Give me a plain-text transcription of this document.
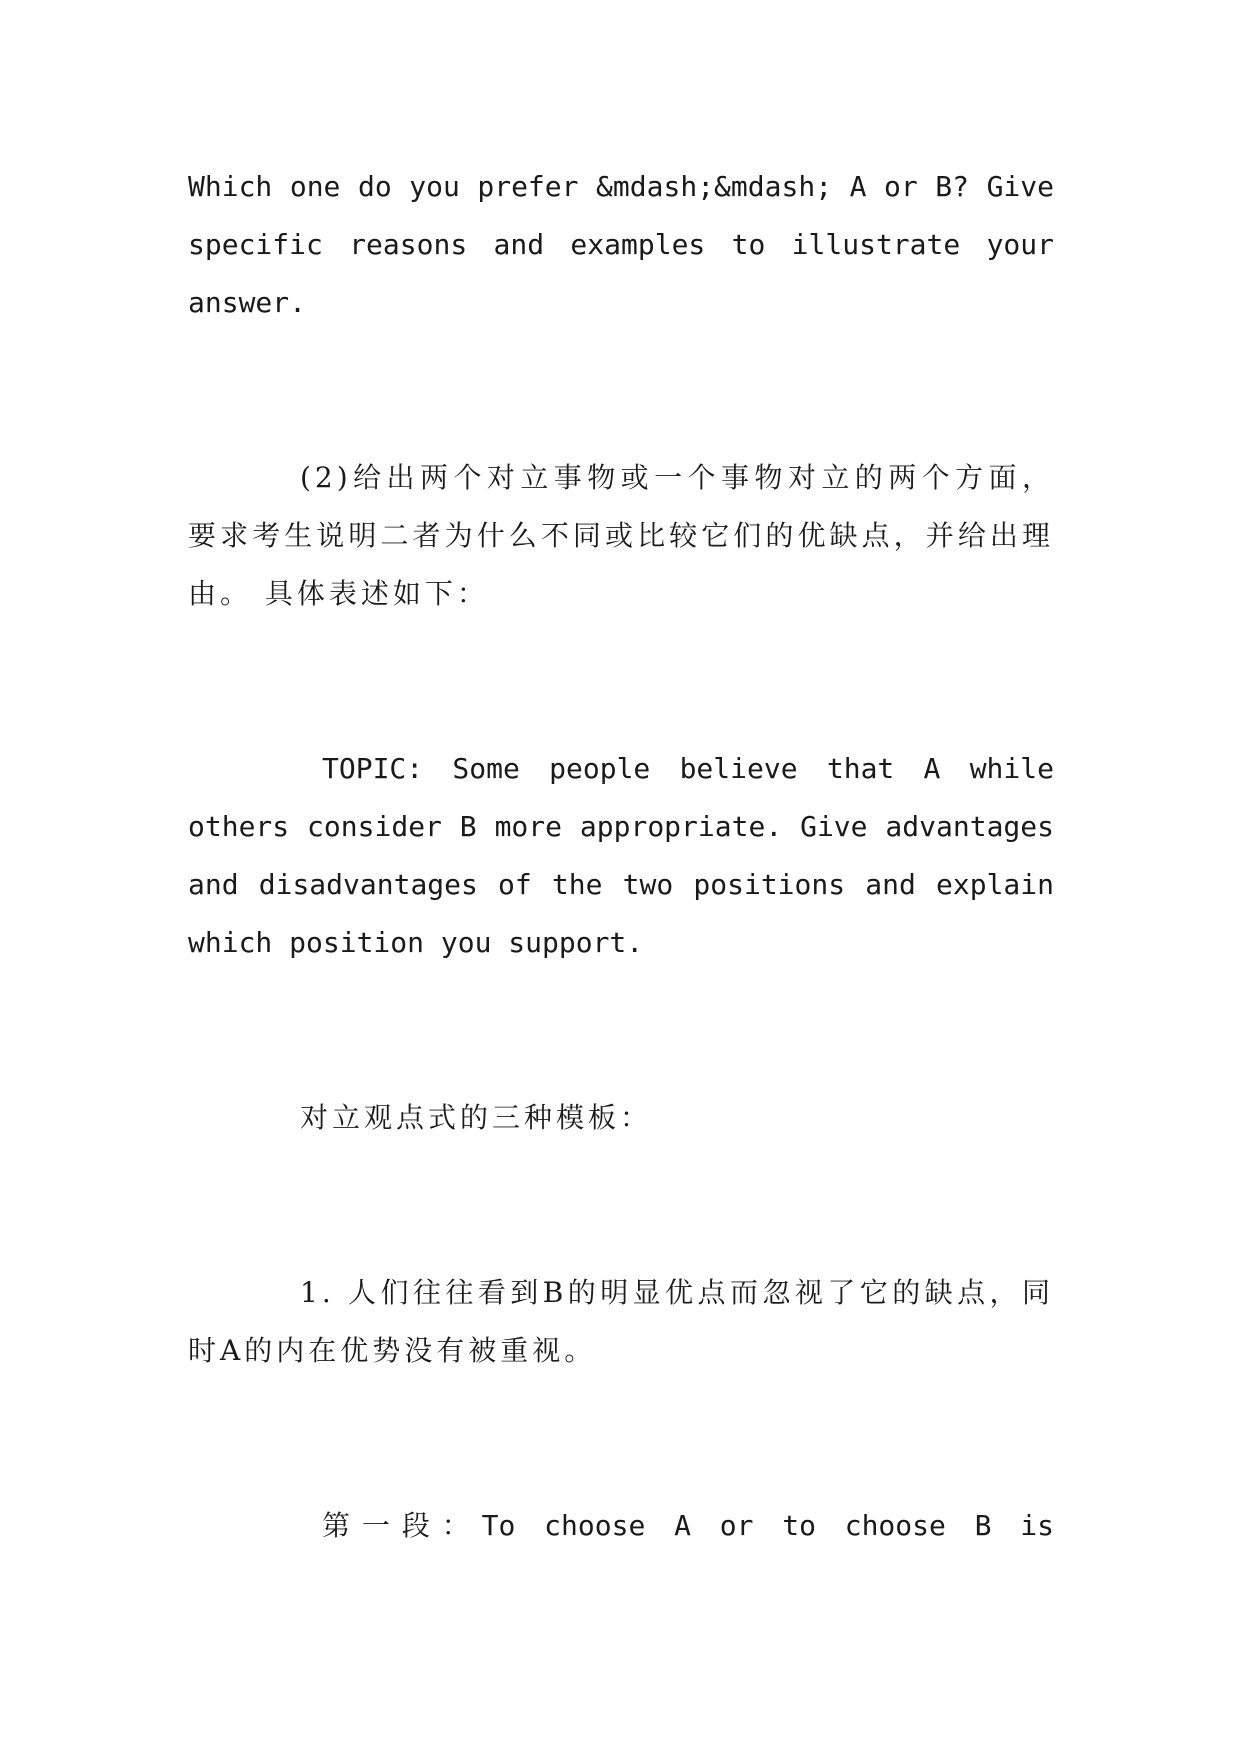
Which one do you prefer &mdash;&mdash; A or B? Give specific reasons and examples to illustrate your answer.

(2)给出两个对立事物或一个事物对立的两个方面，要求考生说明二者为什么不同或比较它们的优缺点，并给出理由。 具体表述如下：

TOPIC: Some people believe that A while others consider B more appropriate. Give advantages and disadvantages of the two positions and explain which position you support.

对立观点式的三种模板：

1. 人们往往看到B的明显优点而忽视了它的缺点，同时A的内在优势没有被重视。

第一段：To choose A or to choose B is
